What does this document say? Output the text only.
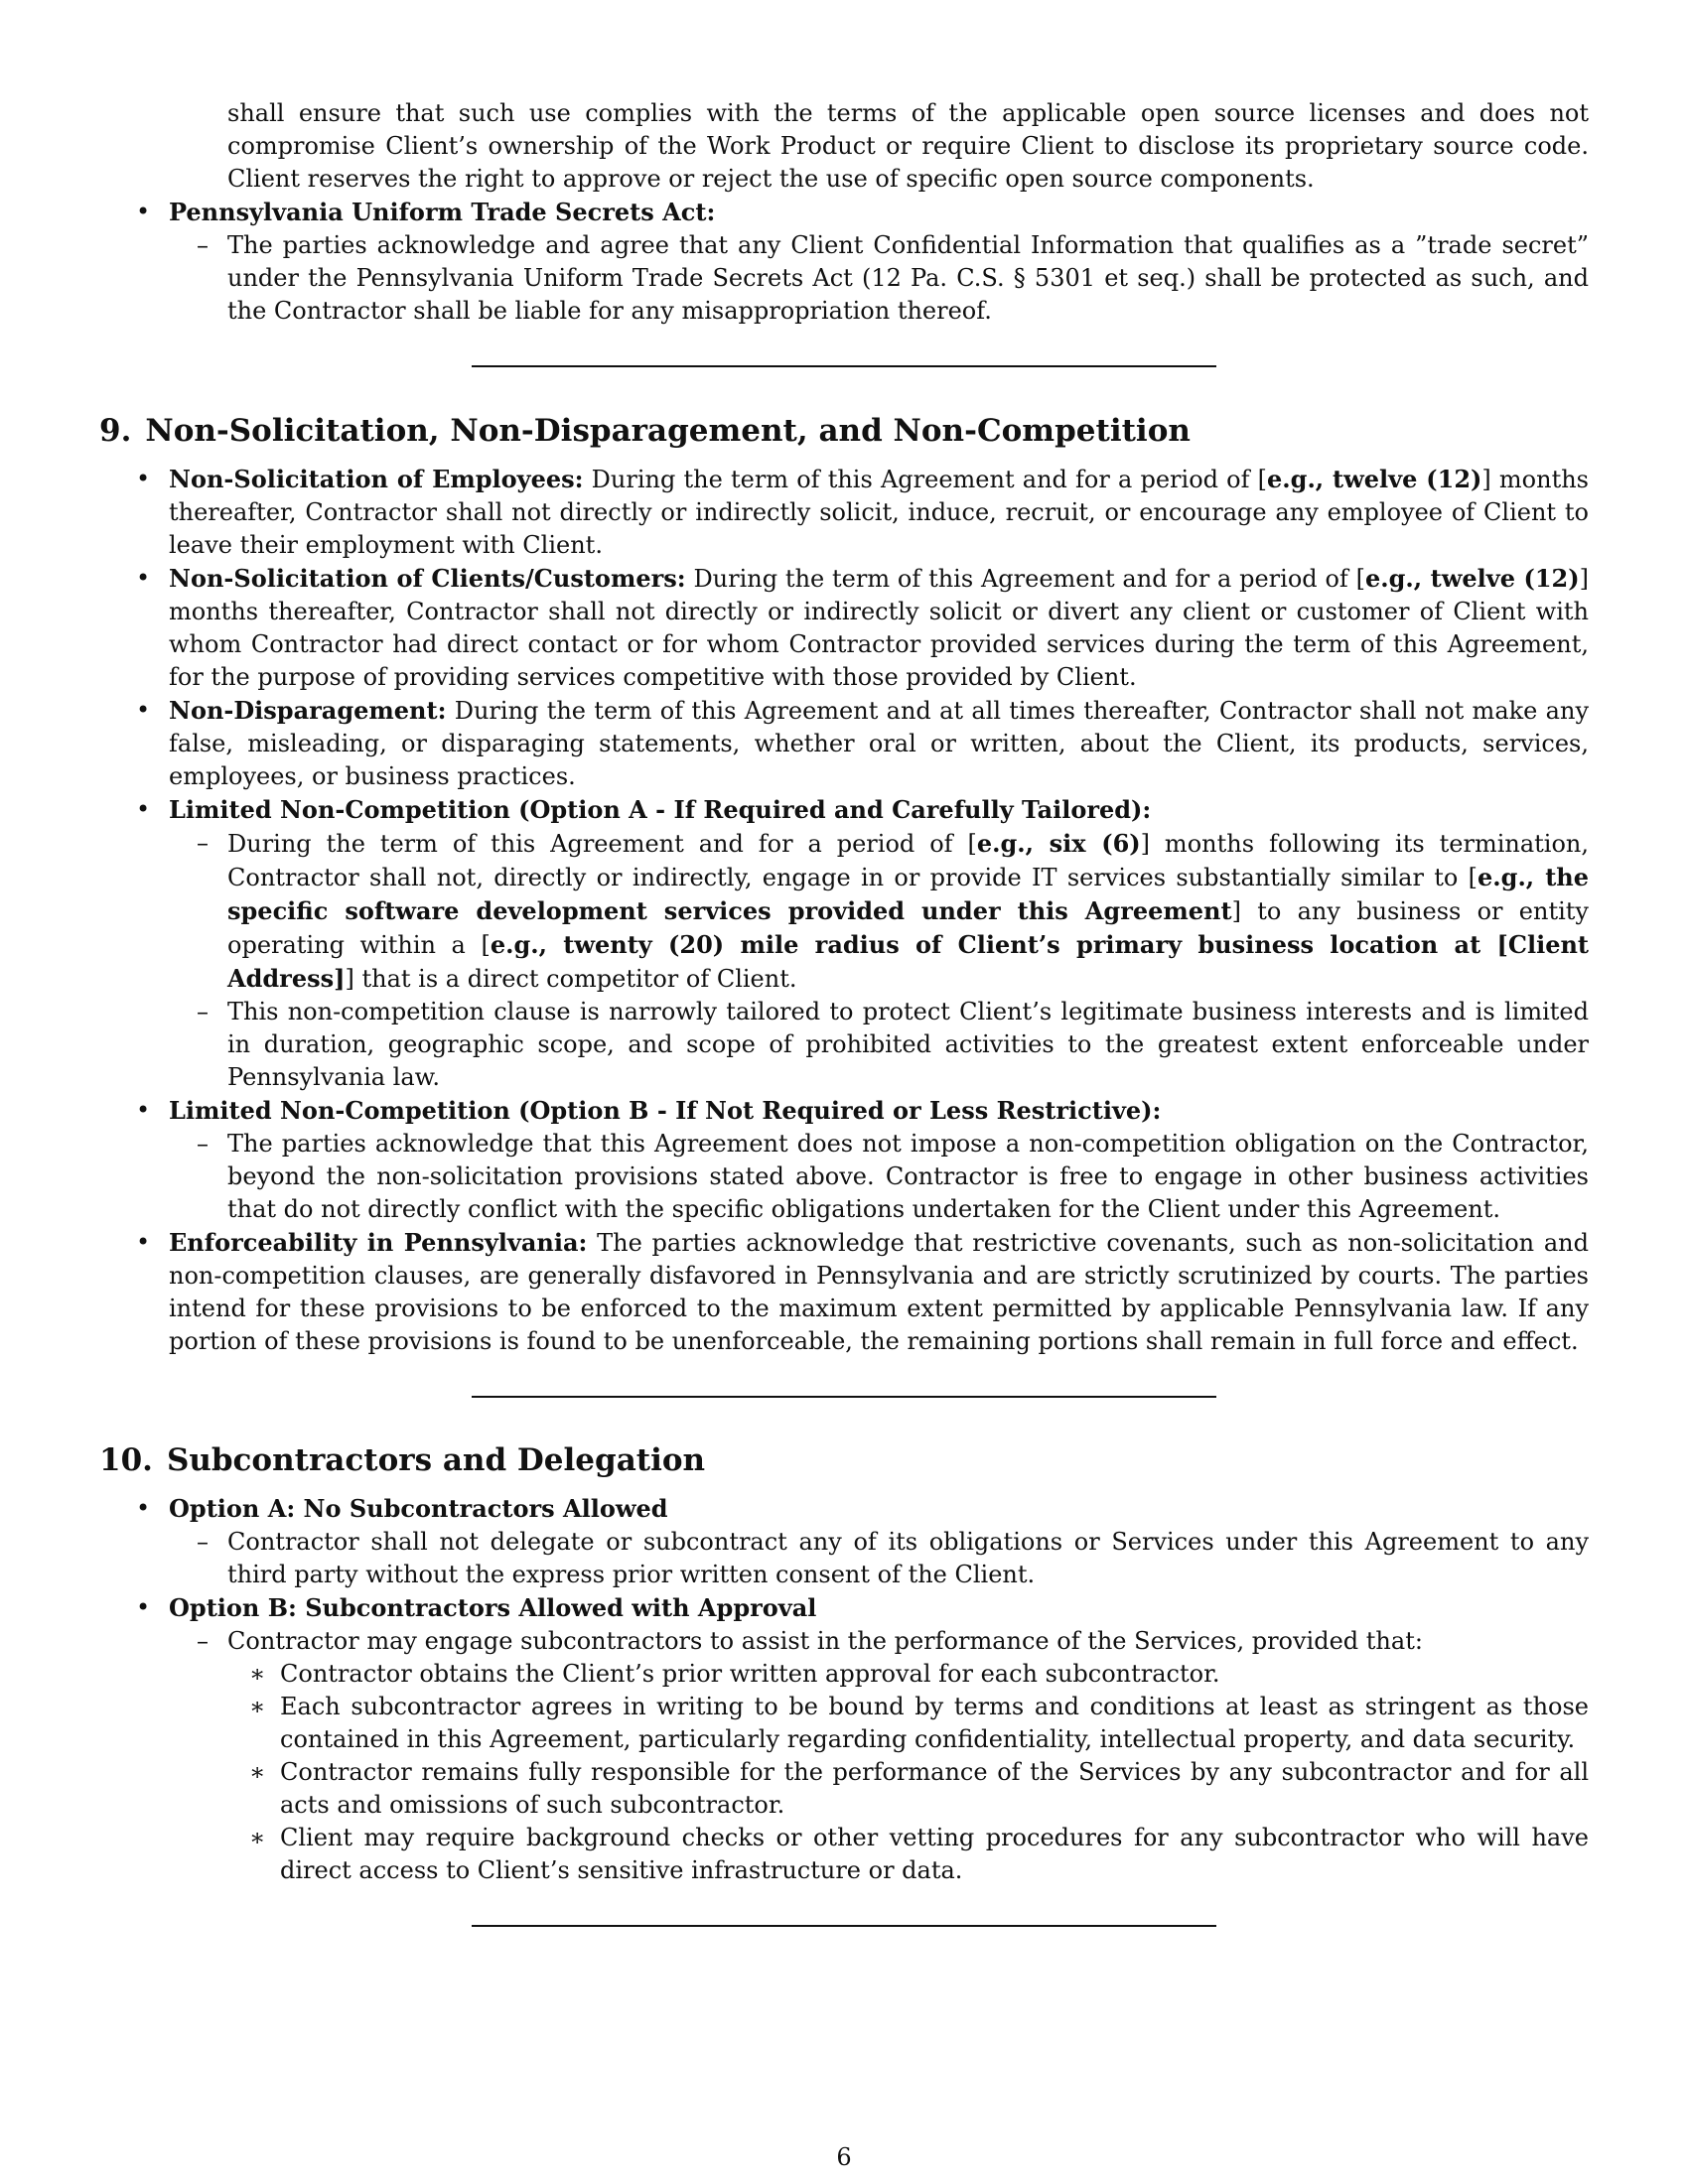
shall ensure that such use complies with the terms of the applicable open source licenses and does not compromise Client’s ownership of the Work Product or require Client to disclose its proprietary source code. Client reserves the right to approve or reject the use of specific open source components.

• Pennsylvania Uniform Trade Secrets Act:
– The parties acknowledge and agree that any Client Confidential Information that qualifies as a ”trade secret” under the Pennsylvania Uniform Trade Secrets Act (12 Pa. C.S. § 5301 et seq.) shall be protected as such, and the Contractor shall be liable for any misappropriation thereof.
9. Non-Solicitation, Non-Disparagement, and Non-Competition
• Non-Solicitation of Employees: During the term of this Agreement and for a period of [e.g., twelve (12)] months thereafter, Contractor shall not directly or indirectly solicit, induce, recruit, or encourage any employee of Client to leave their employment with Client.
• Non-Solicitation of Clients/Customers: During the term of this Agreement and for a period of [e.g., twelve (12)] months thereafter, Contractor shall not directly or indirectly solicit or divert any client or customer of Client with whom Contractor had direct contact or for whom Contractor provided services during the term of this Agreement, for the purpose of providing services competitive with those provided by Client.
• Non-Disparagement: During the term of this Agreement and at all times thereafter, Contractor shall not make any false, misleading, or disparaging statements, whether oral or written, about the Client, its products, services, employees, or business practices.
• Limited Non-Competition (Option A - If Required and Carefully Tailored):
– During the term of this Agreement and for a period of [e.g., six (6)] months following its termination, Contractor shall not, directly or indirectly, engage in or provide IT services substantially similar to [e.g., the specific software development services provided under this Agreement] to any business or entity operating within a [e.g., twenty (20) mile radius of Client’s primary business location at [Client Address]] that is a direct competitor of Client.
– This non-competition clause is narrowly tailored to protect Client’s legitimate business interests and is limited in duration, geographic scope, and scope of prohibited activities to the greatest extent enforceable under Pennsylvania law.
• Limited Non-Competition (Option B - If Not Required or Less Restrictive):
– The parties acknowledge that this Agreement does not impose a non-competition obligation on the Contractor, beyond the non-solicitation provisions stated above. Contractor is free to engage in other business activities that do not directly conflict with the specific obligations undertaken for the Client under this Agreement.
• Enforceability in Pennsylvania: The parties acknowledge that restrictive covenants, such as non-solicitation and non-competition clauses, are generally disfavored in Pennsylvania and are strictly scrutinized by courts. The parties intend for these provisions to be enforced to the maximum extent permitted by applicable Pennsylvania law. If any portion of these provisions is found to be unenforceable, the remaining portions shall remain in full force and effect.
10. Subcontractors and Delegation
• Option A: No Subcontractors Allowed
– Contractor shall not delegate or subcontract any of its obligations or Services under this Agreement to any third party without the express prior written consent of the Client.
• Option B: Subcontractors Allowed with Approval
– Contractor may engage subcontractors to assist in the performance of the Services, provided that:
∗ Contractor obtains the Client’s prior written approval for each subcontractor.
∗ Each subcontractor agrees in writing to be bound by terms and conditions at least as stringent as those contained in this Agreement, particularly regarding confidentiality, intellectual property, and data security.
∗ Contractor remains fully responsible for the performance of the Services by any subcontractor and for all acts and omissions of such subcontractor.
∗ Client may require background checks or other vetting procedures for any subcontractor who will have direct access to Client’s sensitive infrastructure or data.
6
